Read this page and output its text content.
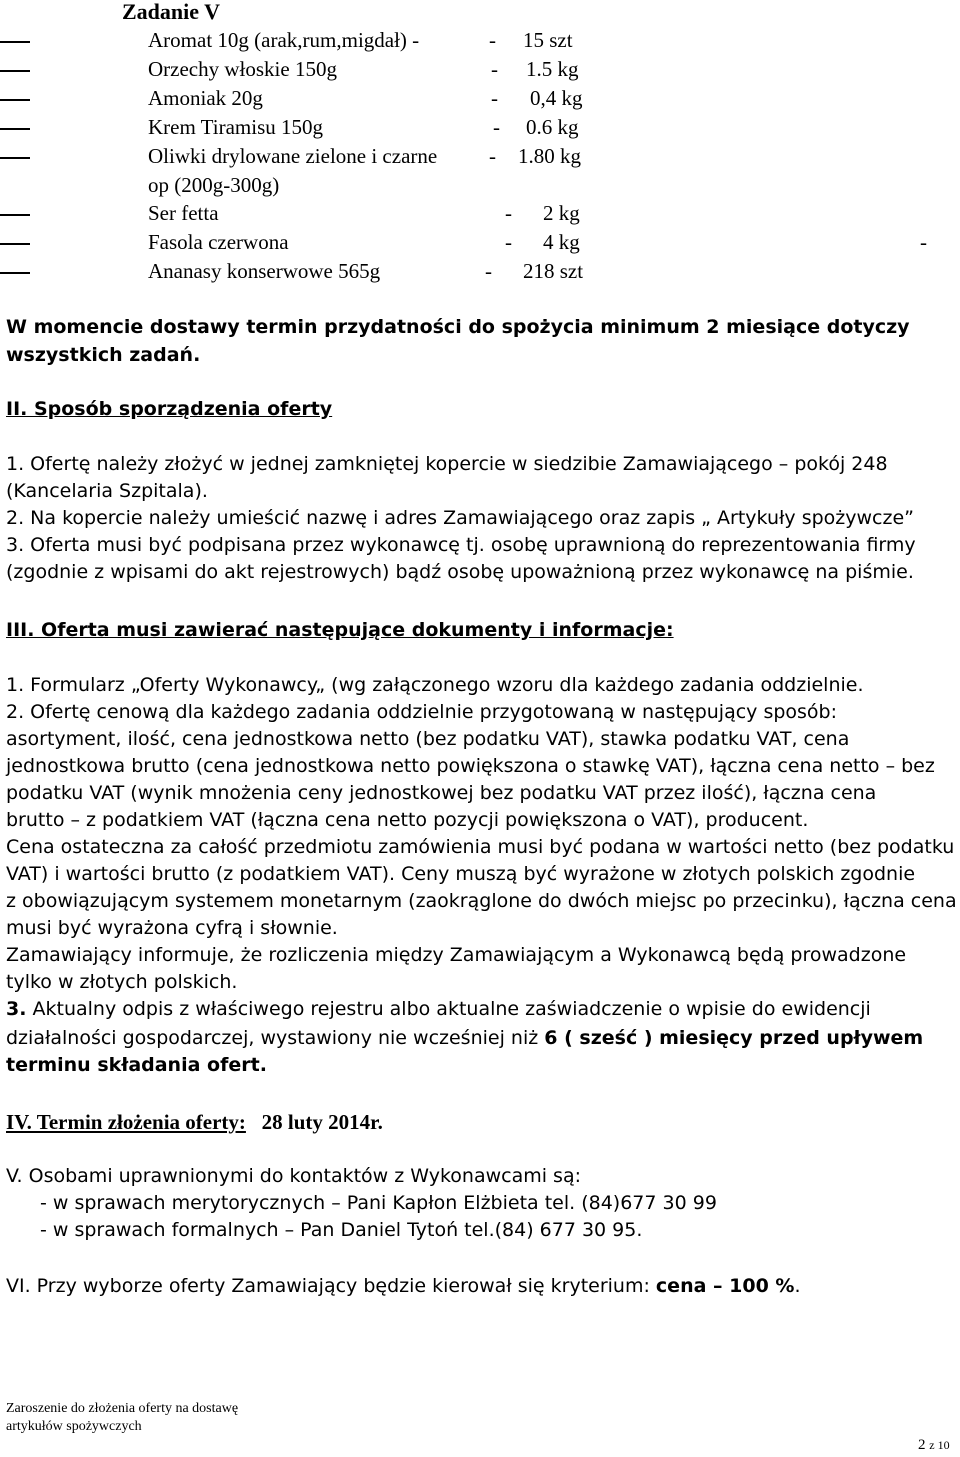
Zadanie V
Aromat 10g (arak,rum,migdał) -	- 15 szt
Orzechy włoskie 150g	- 1.5 kg
Amoniak 20g	- 0,4 kg
Krem Tiramisu 150g	- 0.6 kg
Oliwki drylowane zielone i czarne - 1.80 kg
op (200g-300g)
Ser fetta	- 2 kg
Fasola czerwona	- 4 kg	-
Ananasy konserwowe 565g	- 218 szt
W momencie dostawy termin przydatności do spożycia minimum 2 miesiące dotyczy
wszystkich zadań.
II. Sposób sporządzenia oferty
1. Ofertę należy złożyć w jednej zamkniętej kopercie w siedzibie Zamawiającego – pokój 248
(Kancelaria Szpitala).
2. Na kopercie należy umieścić nazwę i adres Zamawiającego oraz zapis „ Artykuły spożywcze”
3. Oferta musi być podpisana przez wykonawcę tj. osobę uprawnioną do reprezentowania firmy
(zgodnie z wpisami do akt rejestrowych) bądź osobę upoważnioną przez wykonawcę na piśmie.
III. Oferta musi zawierać następujące dokumenty i informacje:
1. Formularz „Oferty Wykonawcy„ (wg załączonego wzoru dla każdego zadania oddzielnie.
2. Ofertę cenową dla każdego zadania oddzielnie przygotowaną w następujący sposób:
asortyment, ilość, cena jednostkowa netto (bez podatku VAT), stawka podatku VAT, cena
jednostkowa brutto (cena jednostkowa netto powiększona o stawkę VAT), łączna cena netto – bez
podatku VAT (wynik mnożenia ceny jednostkowej bez podatku VAT przez ilość), łączna cena
brutto – z podatkiem VAT (łączna cena netto pozycji powiększona o VAT), producent.
Cena ostateczna za całość przedmiotu zamówienia musi być podana w wartości netto (bez podatku
VAT) i wartości brutto (z podatkiem VAT). Ceny muszą być wyrażone w złotych polskich zgodnie
z obowiązującym systemem monetarnym (zaokrąglone do dwóch miejsc po przecinku), łączna cena
musi być wyrażona cyfrą i słownie.
Zamawiający informuje, że rozliczenia między Zamawiającym a Wykonawcą będą prowadzone
tylko w złotych polskich.
3. Aktualny odpis z właściwego rejestru albo aktualne zaświadczenie o wpisie do ewidencji
działalności gospodarczej, wystawiony nie wcześniej niż 6 ( sześć ) miesięcy przed upływem
terminu składania ofert.
IV. Termin złożenia oferty: 28 luty 2014r.
V. Osobami uprawnionymi do kontaktów z Wykonawcami są:
- w sprawach merytorycznych – Pani Kapłon Elżbieta tel. (84)677 30 99
- w sprawach formalnych – Pan Daniel Tytoń tel.(84) 677 30 95.
VI. Przy wyborze oferty Zamawiający będzie kierował się kryterium: cena – 100 %.
Zaroszenie do złożenia oferty na dostawę
artykułów spożywczych
2 z 10
